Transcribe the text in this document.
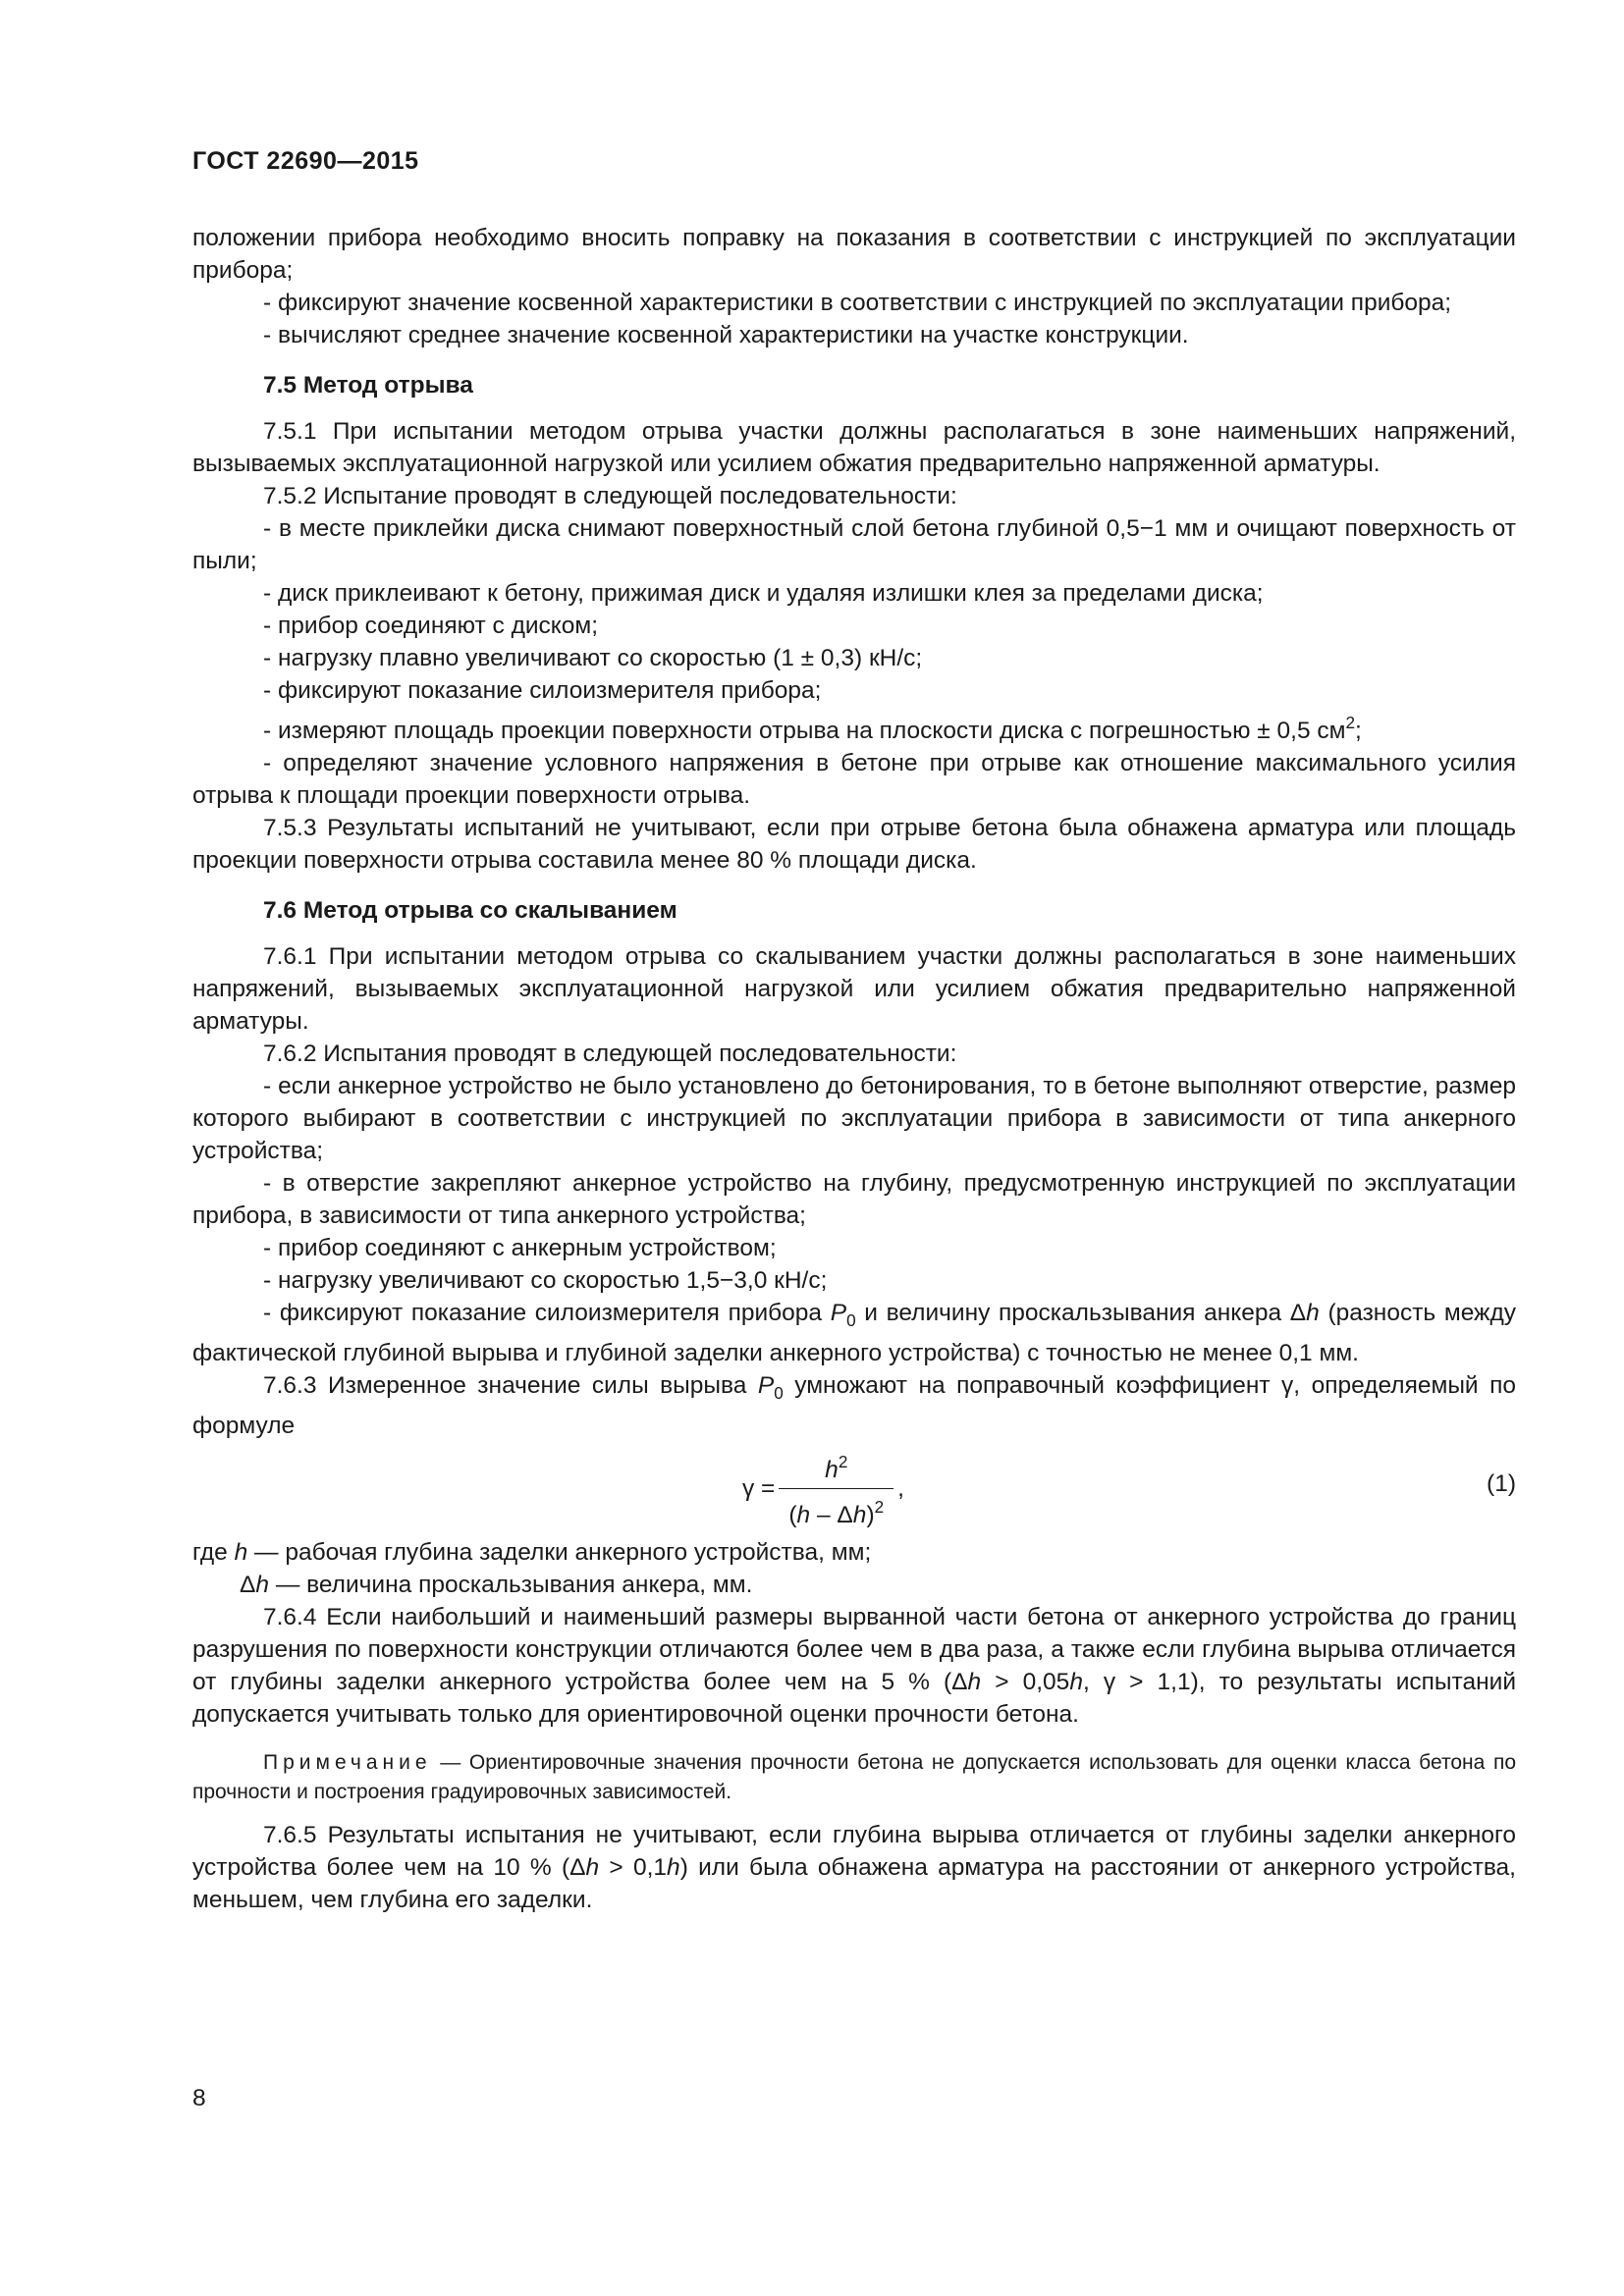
ГОСТ 22690—2015

положении прибора необходимо вносить поправку на показания в соответствии с инструкцией по эксплуатации прибора;

- фиксируют значение косвенной характеристики в соответствии с инструкцией по эксплуатации прибора;

- вычисляют среднее значение косвенной характеристики на участке конструкции.

7.5 Метод отрыва

7.5.1 При испытании методом отрыва участки должны располагаться в зоне наименьших напряжений, вызываемых эксплуатационной нагрузкой или усилием обжатия предварительно напряженной арматуры.

7.5.2 Испытание проводят в следующей последовательности:

- в месте приклейки диска снимают поверхностный слой бетона глубиной 0,5−1 мм и очищают поверхность от пыли;

- диск приклеивают к бетону, прижимая диск и удаляя излишки клея за пределами диска;

- прибор соединяют с диском;

- нагрузку плавно увеличивают со скоростью (1 ± 0,3) кН/с;

- фиксируют показание силоизмерителя прибора;

- измеряют площадь проекции поверхности отрыва на плоскости диска с погрешностью ± 0,5 $см^2$;

- определяют значение условного напряжения в бетоне при отрыве как отношение максимального усилия отрыва к площади проекции поверхности отрыва.

7.5.3 Результаты испытаний не учитывают, если при отрыве бетона была обнажена арматура или площадь проекции поверхности отрыва составила менее 80 % площади диска.

7.6 Метод отрыва со скалыванием

7.6.1 При испытании методом отрыва со скалыванием участки должны располагаться в зоне наименьших напряжений, вызываемых эксплуатационной нагрузкой или усилием обжатия предварительно напряженной арматуры.

7.6.2 Испытания проводят в следующей последовательности:

- если анкерное устройство не было установлено до бетонирования, то в бетоне выполняют отверстие, размер которого выбирают в соответствии с инструкцией по эксплуатации прибора в зависимости от типа анкерного устройства;

- в отверстие закрепляют анкерное устройство на глубину, предусмотренную инструкцией по эксплуатации прибора, в зависимости от типа анкерного устройства;

- прибор соединяют с анкерным устройством;

- нагрузку увеличивают со скоростью 1,5−3,0 кН/с;

- фиксируют показание силоизмерителя прибора $P_0$ и величину проскальзывания анкера Δh (разность между фактической глубиной вырыва и глубиной заделки анкерного устройства) с точностью не менее 0,1 мм.

7.6.3 Измеренное значение силы вырыва $P_0$ умножают на поправочный коэффициент γ, определяемый по формуле

$\gamma = \frac{h^2}{(h - \Delta h)^2}$ ,	(1)

где h — рабочая глубина заделки анкерного устройства, мм;

Δh — величина проскальзывания анкера, мм.

7.6.4 Если наибольший и наименьший размеры вырванной части бетона от анкерного устройства до границ разрушения по поверхности конструкции отличаются более чем в два раза, а также если глубина вырыва отличается от глубины заделки анкерного устройства более чем на 5 % (Δh > 0,05h, γ > 1,1), то результаты испытаний допускается учитывать только для ориентировочной оценки прочности бетона.

Примечание — Ориентировочные значения прочности бетона не допускается использовать для оценки класса бетона по прочности и построения градуировочных зависимостей.

7.6.5 Результаты испытания не учитывают, если глубина вырыва отличается от глубины заделки анкерного устройства более чем на 10 % (Δh > 0,1h) или была обнажена арматура на расстоянии от анкерного устройства, меньшем, чем глубина его заделки.

8
